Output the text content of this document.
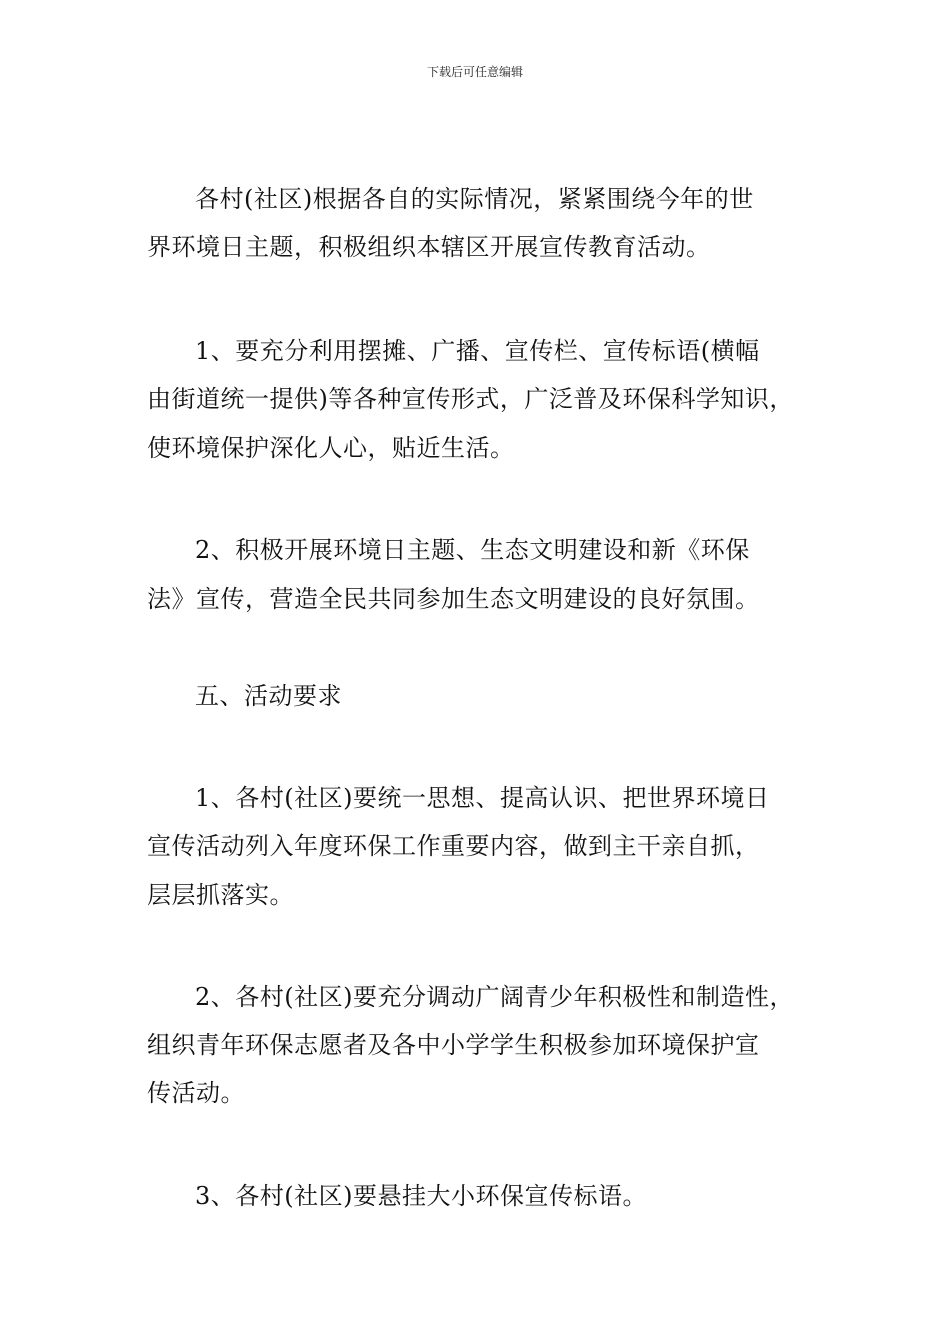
下载后可任意编辑
各村(社区)根据各自的实际情况，紧紧围绕今年的世
界环境日主题，积极组织本辖区开展宣传教育活动。
1、要充分利用摆摊、广播、宣传栏、宣传标语(横幅
由街道统一提供)等各种宣传形式，广泛普及环保科学知识，
使环境保护深化人心，贴近生活。
2、积极开展环境日主题、生态文明建设和新《环保
法》宣传，营造全民共同参加生态文明建设的良好氛围。
五、活动要求
1、各村(社区)要统一思想、提高认识、把世界环境日
宣传活动列入年度环保工作重要内容，做到主干亲自抓，
层层抓落实。
2、各村(社区)要充分调动广阔青少年积极性和制造性，
组织青年环保志愿者及各中小学学生积极参加环境保护宣
传活动。
3、各村(社区)要悬挂大小环保宣传标语。
